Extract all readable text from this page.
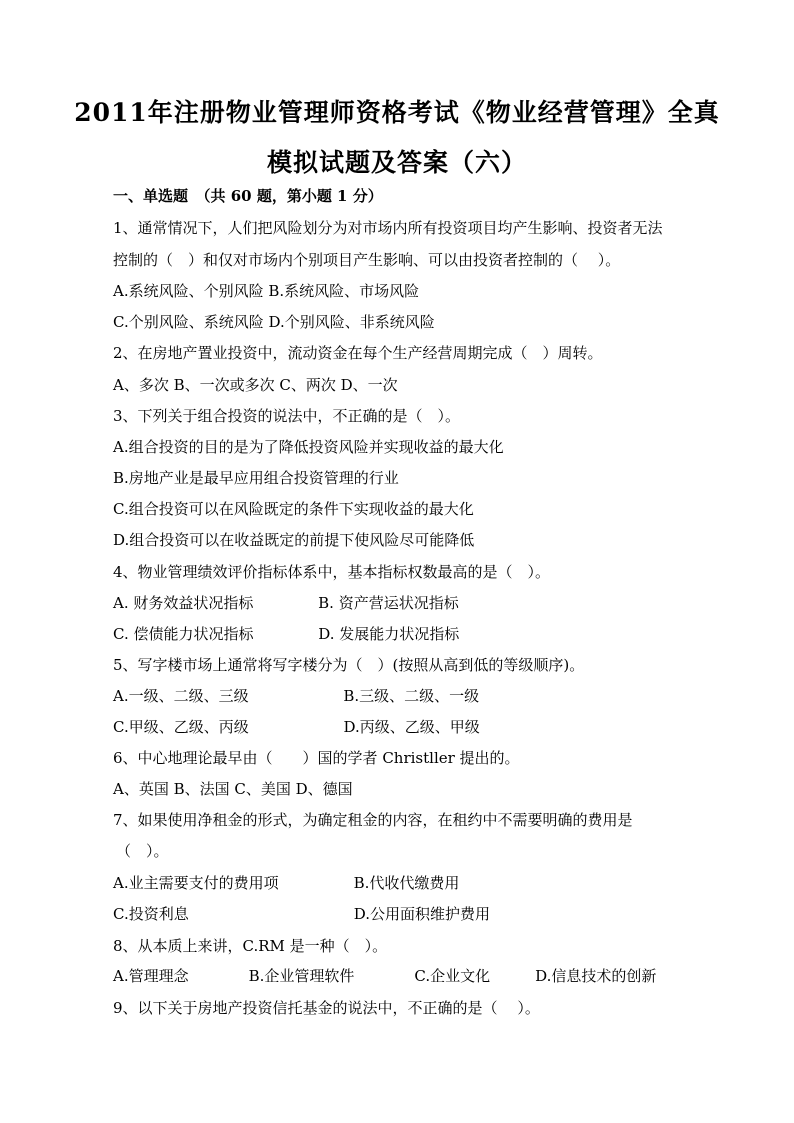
2011年注册物业管理师资格考试《物业经营管理》全真
模拟试题及答案（六）
一、单选题　（共 60 题，第小题 1 分）
1、通常情况下，人们把风险划分为对市场内所有投资项目均产生影响、投资者无法
控制的（　）和仅对市场内个别项目产生影响、可以由投资者控制的（　 ）。
A.系统风险、个别风险 B.系统风险、市场风险
C.个别风险、系统风险 D.个别风险、非系统风险
2、在房地产置业投资中，流动资金在每个生产经营周期完成（　）周转。
A、多次 B、一次或多次 C、两次 D、一次
3、下列关于组合投资的说法中，不正确的是（　）。
A.组合投资的目的是为了降低投资风险并实现收益的最大化
B.房地产业是最早应用组合投资管理的行业
C.组合投资可以在风险既定的条件下实现收益的最大化
D.组合投资可以在收益既定的前提下使风险尽可能降低
4、物业管理绩效评价指标体系中，基本指标权数最高的是（　）。
A. 财务效益状况指标　　　　 B. 资产营运状况指标
C. 偿债能力状况指标　　　　 D. 发展能力状况指标
5、写字楼市场上通常将写字楼分为（　）(按照从高到低的等级顺序)。
A.一级、二级、三级　　　　　　 B.三级、二级、一级
C.甲级、乙级、丙级　　　　　　 D.丙级、乙级、甲级
6、中心地理论最早由（　　）国的学者 Christller 提出的。
A、英国 B、法国 C、美国 D、德国
7、如果使用净租金的形式，为确定租金的内容，在租约中不需要明确的费用是
（　）。
A.业主需要支付的费用项　　　　　B.代收代缴费用
C.投资利息　　　　　　　　　　　D.公用面积维护费用
8、从本质上来讲，C.RM 是一种（　）。
A.管理理念　　　　B.企业管理软件　　　　C.企业文化　　　D.信息技术的创新
9、以下关于房地产投资信托基金的说法中，不正确的是（　 ）。
